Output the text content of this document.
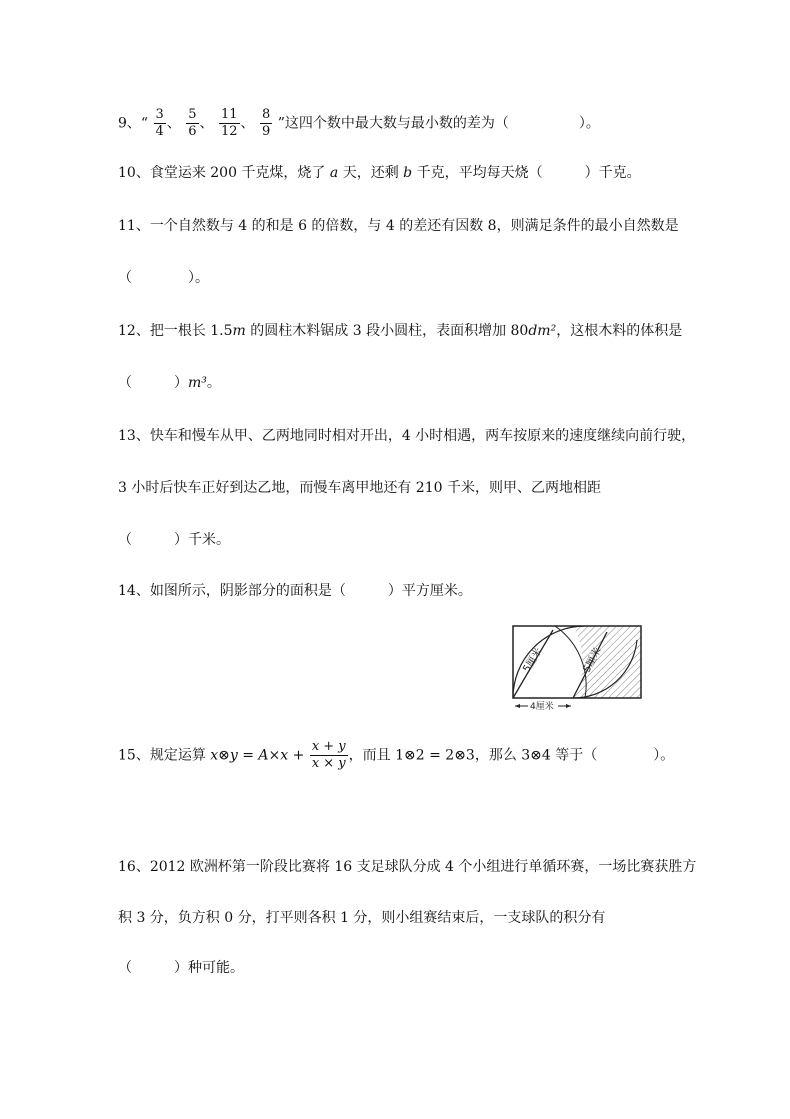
9、“ $\frac{3}{4}$ 、 $\frac{5}{6}$ 、 $\frac{11}{12}$ 、 $\frac{8}{9}$ ”这四个数中最大数与最小数的差为（　　　　　）。
10、食堂运来 200 千克煤，烧了 a 天，还剩 b 千克，平均每天烧（　　　）千克。
11、一个自然数与 4 的和是 6 的倍数，与 4 的差还有因数 8，则满足条件的最小自然数是
（　　　　）。
12、把一根长 1.5m 的圆柱木料锯成 3 段小圆柱，表面积增加 80dm²，这根木料的体积是
（　　　）m³。
13、快车和慢车从甲、乙两地同时相对开出，4 小时相遇，两车按原来的速度继续向前行驶，
3 小时后快车正好到达乙地，而慢车离甲地还有 210 千米，则甲、乙两地相距
（　　　）千米。
14、如图所示，阴影部分的面积是（　　　）平方厘米。
5厘米	5厘米
4厘米
15、规定运算 x⊗y = $A\times x + \frac{x + y}{x \times y}$ ，而且 1⊗2 = 2⊗3，那么 3⊗4 等于（　　　　）。
16、2012 欧洲杯第一阶段比赛将 16 支足球队分成 4 个小组进行单循环赛，一场比赛获胜方
积 3 分，负方积 0 分，打平则各积 1 分，则小组赛结束后，一支球队的积分有
（　　　）种可能。
